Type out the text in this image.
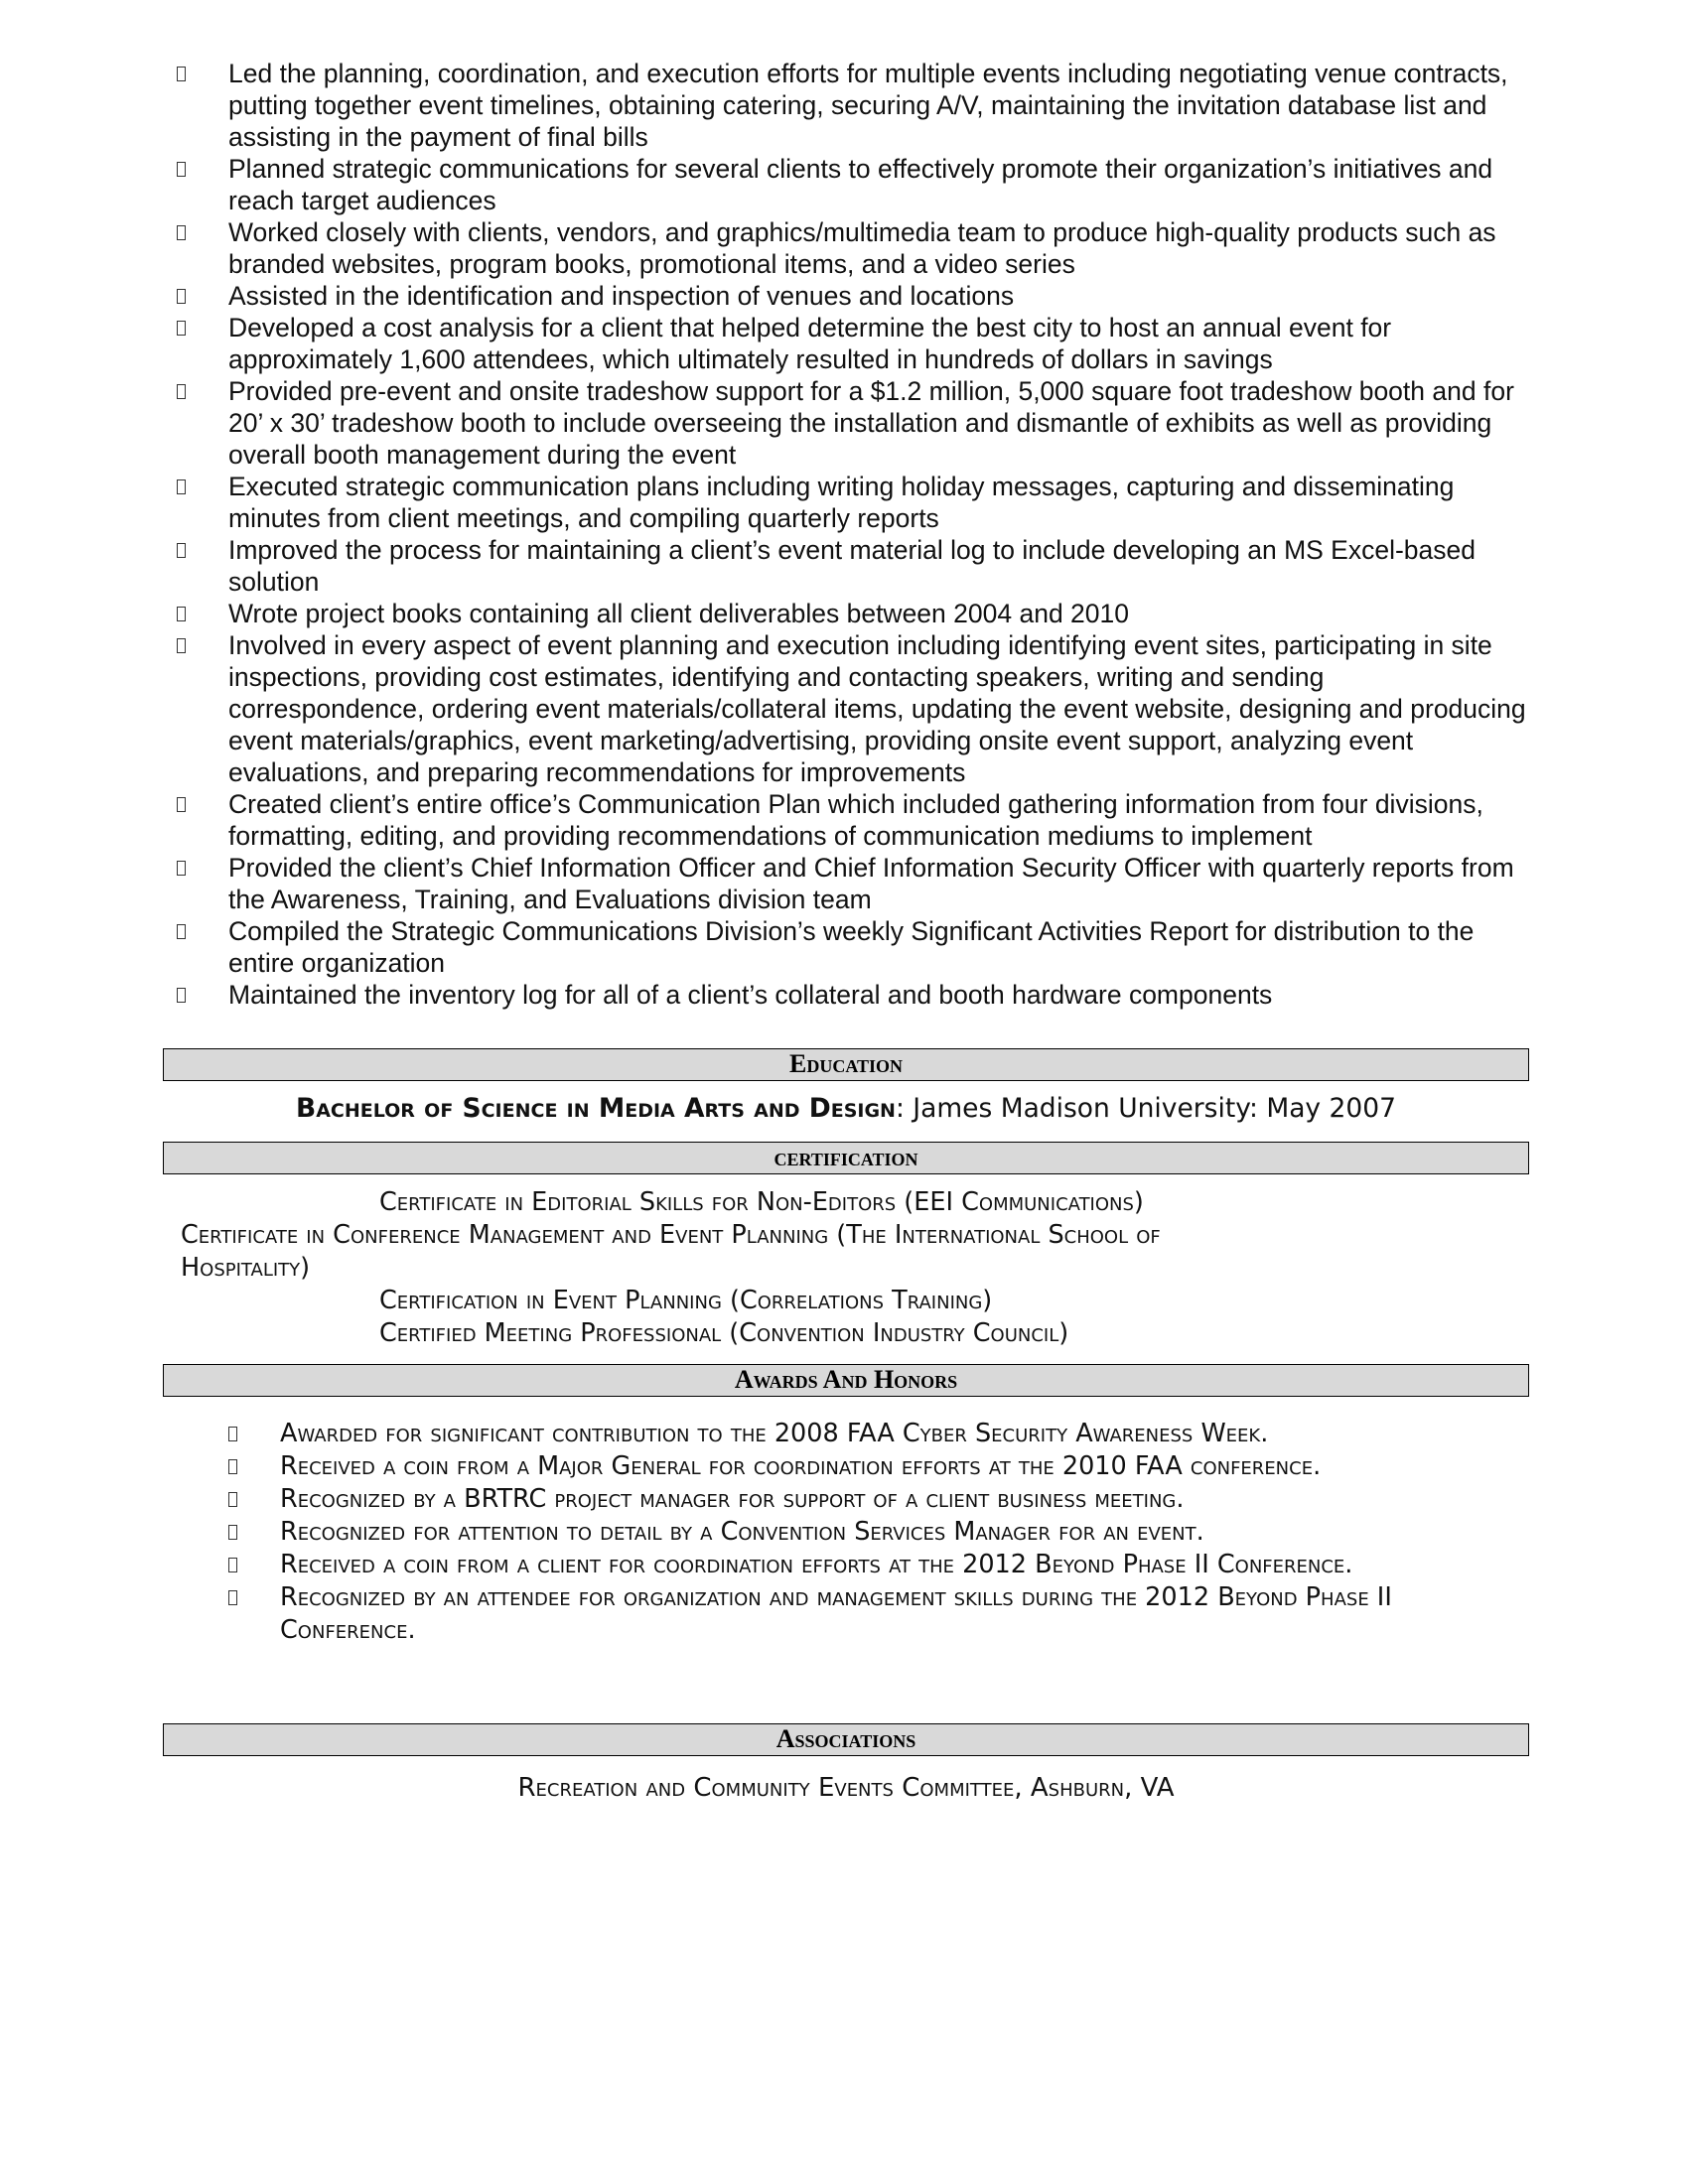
Led the planning, coordination, and execution efforts for multiple events including negotiating venue contracts, putting together event timelines, obtaining catering, securing A/V, maintaining the invitation database list and assisting in the payment of final bills
Planned strategic communications for several clients to effectively promote their organization’s initiatives and reach target audiences
Worked closely with clients, vendors, and graphics/multimedia team to produce high-quality products such as branded websites, program books, promotional items, and a video series
Assisted in the identification and inspection of venues and locations
Developed a cost analysis for a client that helped determine the best city to host an annual event for approximately 1,600 attendees, which ultimately resulted in hundreds of dollars in savings
Provided pre-event and onsite tradeshow support for a $1.2 million, 5,000 square foot tradeshow booth and for 20’ x 30’ tradeshow booth to include overseeing the installation and dismantle of exhibits as well as providing overall booth management during the event
Executed strategic communication plans including writing holiday messages, capturing and disseminating minutes from client meetings, and compiling quarterly reports
Improved the process for maintaining a client’s event material log to include developing an MS Excel-based solution
Wrote project books containing all client deliverables between 2004 and 2010
Involved in every aspect of event planning and execution including identifying event sites, participating in site inspections, providing cost estimates, identifying and contacting speakers, writing and sending correspondence, ordering event materials/collateral items, updating the event website, designing and producing event materials/graphics, event marketing/advertising, providing onsite event support, analyzing event evaluations, and preparing recommendations for improvements
Created client’s entire office’s Communication Plan which included gathering information from four divisions, formatting, editing, and providing recommendations of communication mediums to implement
Provided the client’s Chief Information Officer and Chief Information Security Officer with quarterly reports from the Awareness, Training, and Evaluations division team
Compiled the Strategic Communications Division’s weekly Significant Activities Report for distribution to the entire organization
Maintained the inventory log for all of a client’s collateral and booth hardware components
Education
Bachelor of Science in Media Arts and Design: James Madison University: May 2007
certification
Certificate in Editorial Skills for Non-Editors (EEI Communications)
Certificate in Conference Management and Event Planning (The International School of
Hospitality)
Certification in Event Planning (Correlations Training)
Certified Meeting Professional (Convention Industry Council)
Awards And Honors
Awarded for significant contribution to the 2008 FAA Cyber Security Awareness Week.
Received a coin from a Major General for coordination efforts at the 2010 FAA conference.
Recognized by a BRTRC project manager for support of a client business meeting.
Recognized for attention to detail by a Convention Services Manager for an event.
Received a coin from a client for coordination efforts at the 2012 Beyond Phase II Conference.
Recognized by an attendee for organization and management skills during the 2012 Beyond Phase II Conference.
Associations
Recreation and Community Events Committee, Ashburn, VA
